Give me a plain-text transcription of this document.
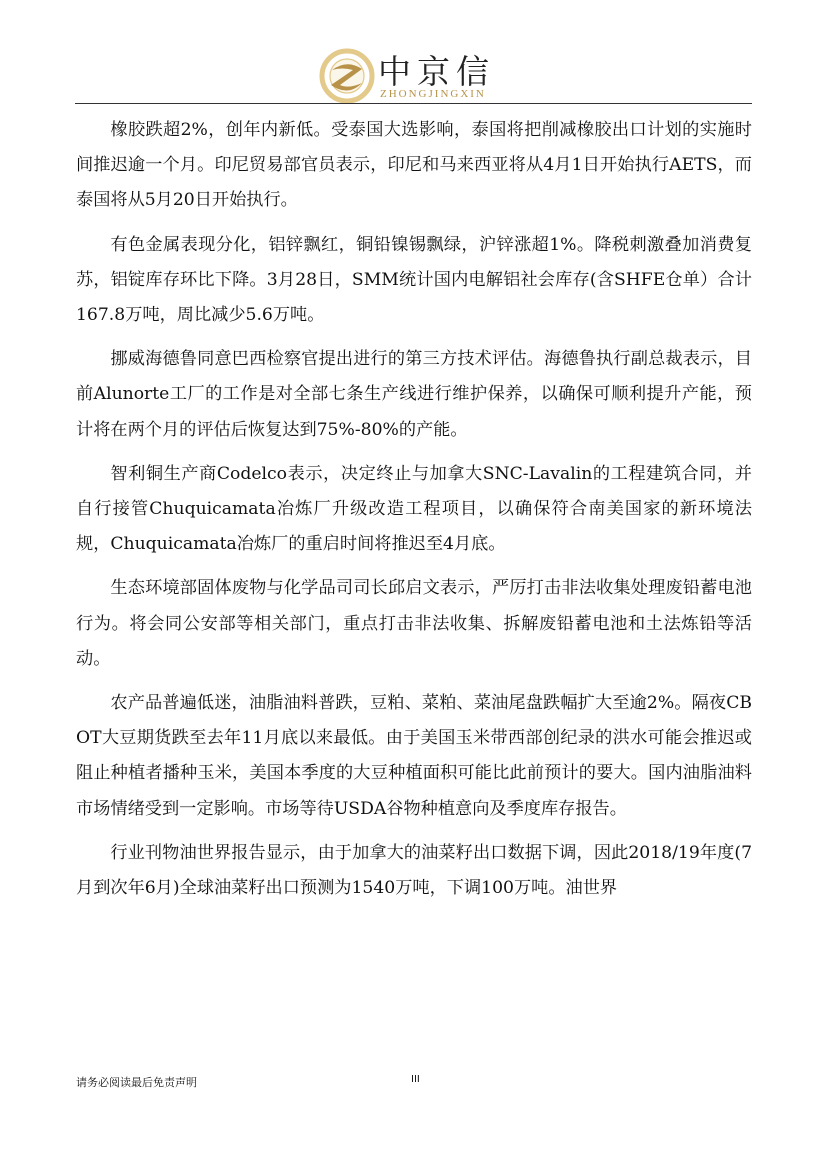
中京信
ZHONGJINGXIN

橡胶跌超2%，创年内新低。受泰国大选影响，泰国将把削减橡胶出口计划的实施时间推迟逾一个月。印尼贸易部官员表示，印尼和马来西亚将从4月1日开始执行AETS，而泰国将从5月20日开始执行。

有色金属表现分化，铝锌飘红，铜铅镍锡飘绿，沪锌涨超1%。降税刺激叠加消费复苏，铝锭库存环比下降。3月28日，SMM统计国内电解铝社会库存(含SHFE仓单）合计167.8万吨，周比减少5.6万吨。

挪威海德鲁同意巴西检察官提出进行的第三方技术评估。海德鲁执行副总裁表示，目前Alunorte工厂的工作是对全部七条生产线进行维护保养，以确保可顺利提升产能，预计将在两个月的评估后恢复达到75%-80%的产能。

智利铜生产商Codelco表示，决定终止与加拿大SNC-Lavalin的工程建筑合同，并自行接管Chuquicamata冶炼厂升级改造工程项目，以确保符合南美国家的新环境法规，Chuquicamata冶炼厂的重启时间将推迟至4月底。

生态环境部固体废物与化学品司司长邱启文表示，严厉打击非法收集处理废铅蓄电池行为。将会同公安部等相关部门，重点打击非法收集、拆解废铅蓄电池和土法炼铅等活动。

农产品普遍低迷，油脂油料普跌，豆粕、菜粕、菜油尾盘跌幅扩大至逾2%。隔夜CBOT大豆期货跌至去年11月底以来最低。由于美国玉米带西部创纪录的洪水可能会推迟或阻止种植者播种玉米，美国本季度的大豆种植面积可能比此前预计的要大。国内油脂油料市场情绪受到一定影响。市场等待USDA谷物种植意向及季度库存报告。

行业刊物油世界报告显示，由于加拿大的油菜籽出口数据下调，因此2018/19年度(7月到次年6月)全球油菜籽出口预测为1540万吨，下调100万吨。油世界

请务必阅读最后免责声明	III
